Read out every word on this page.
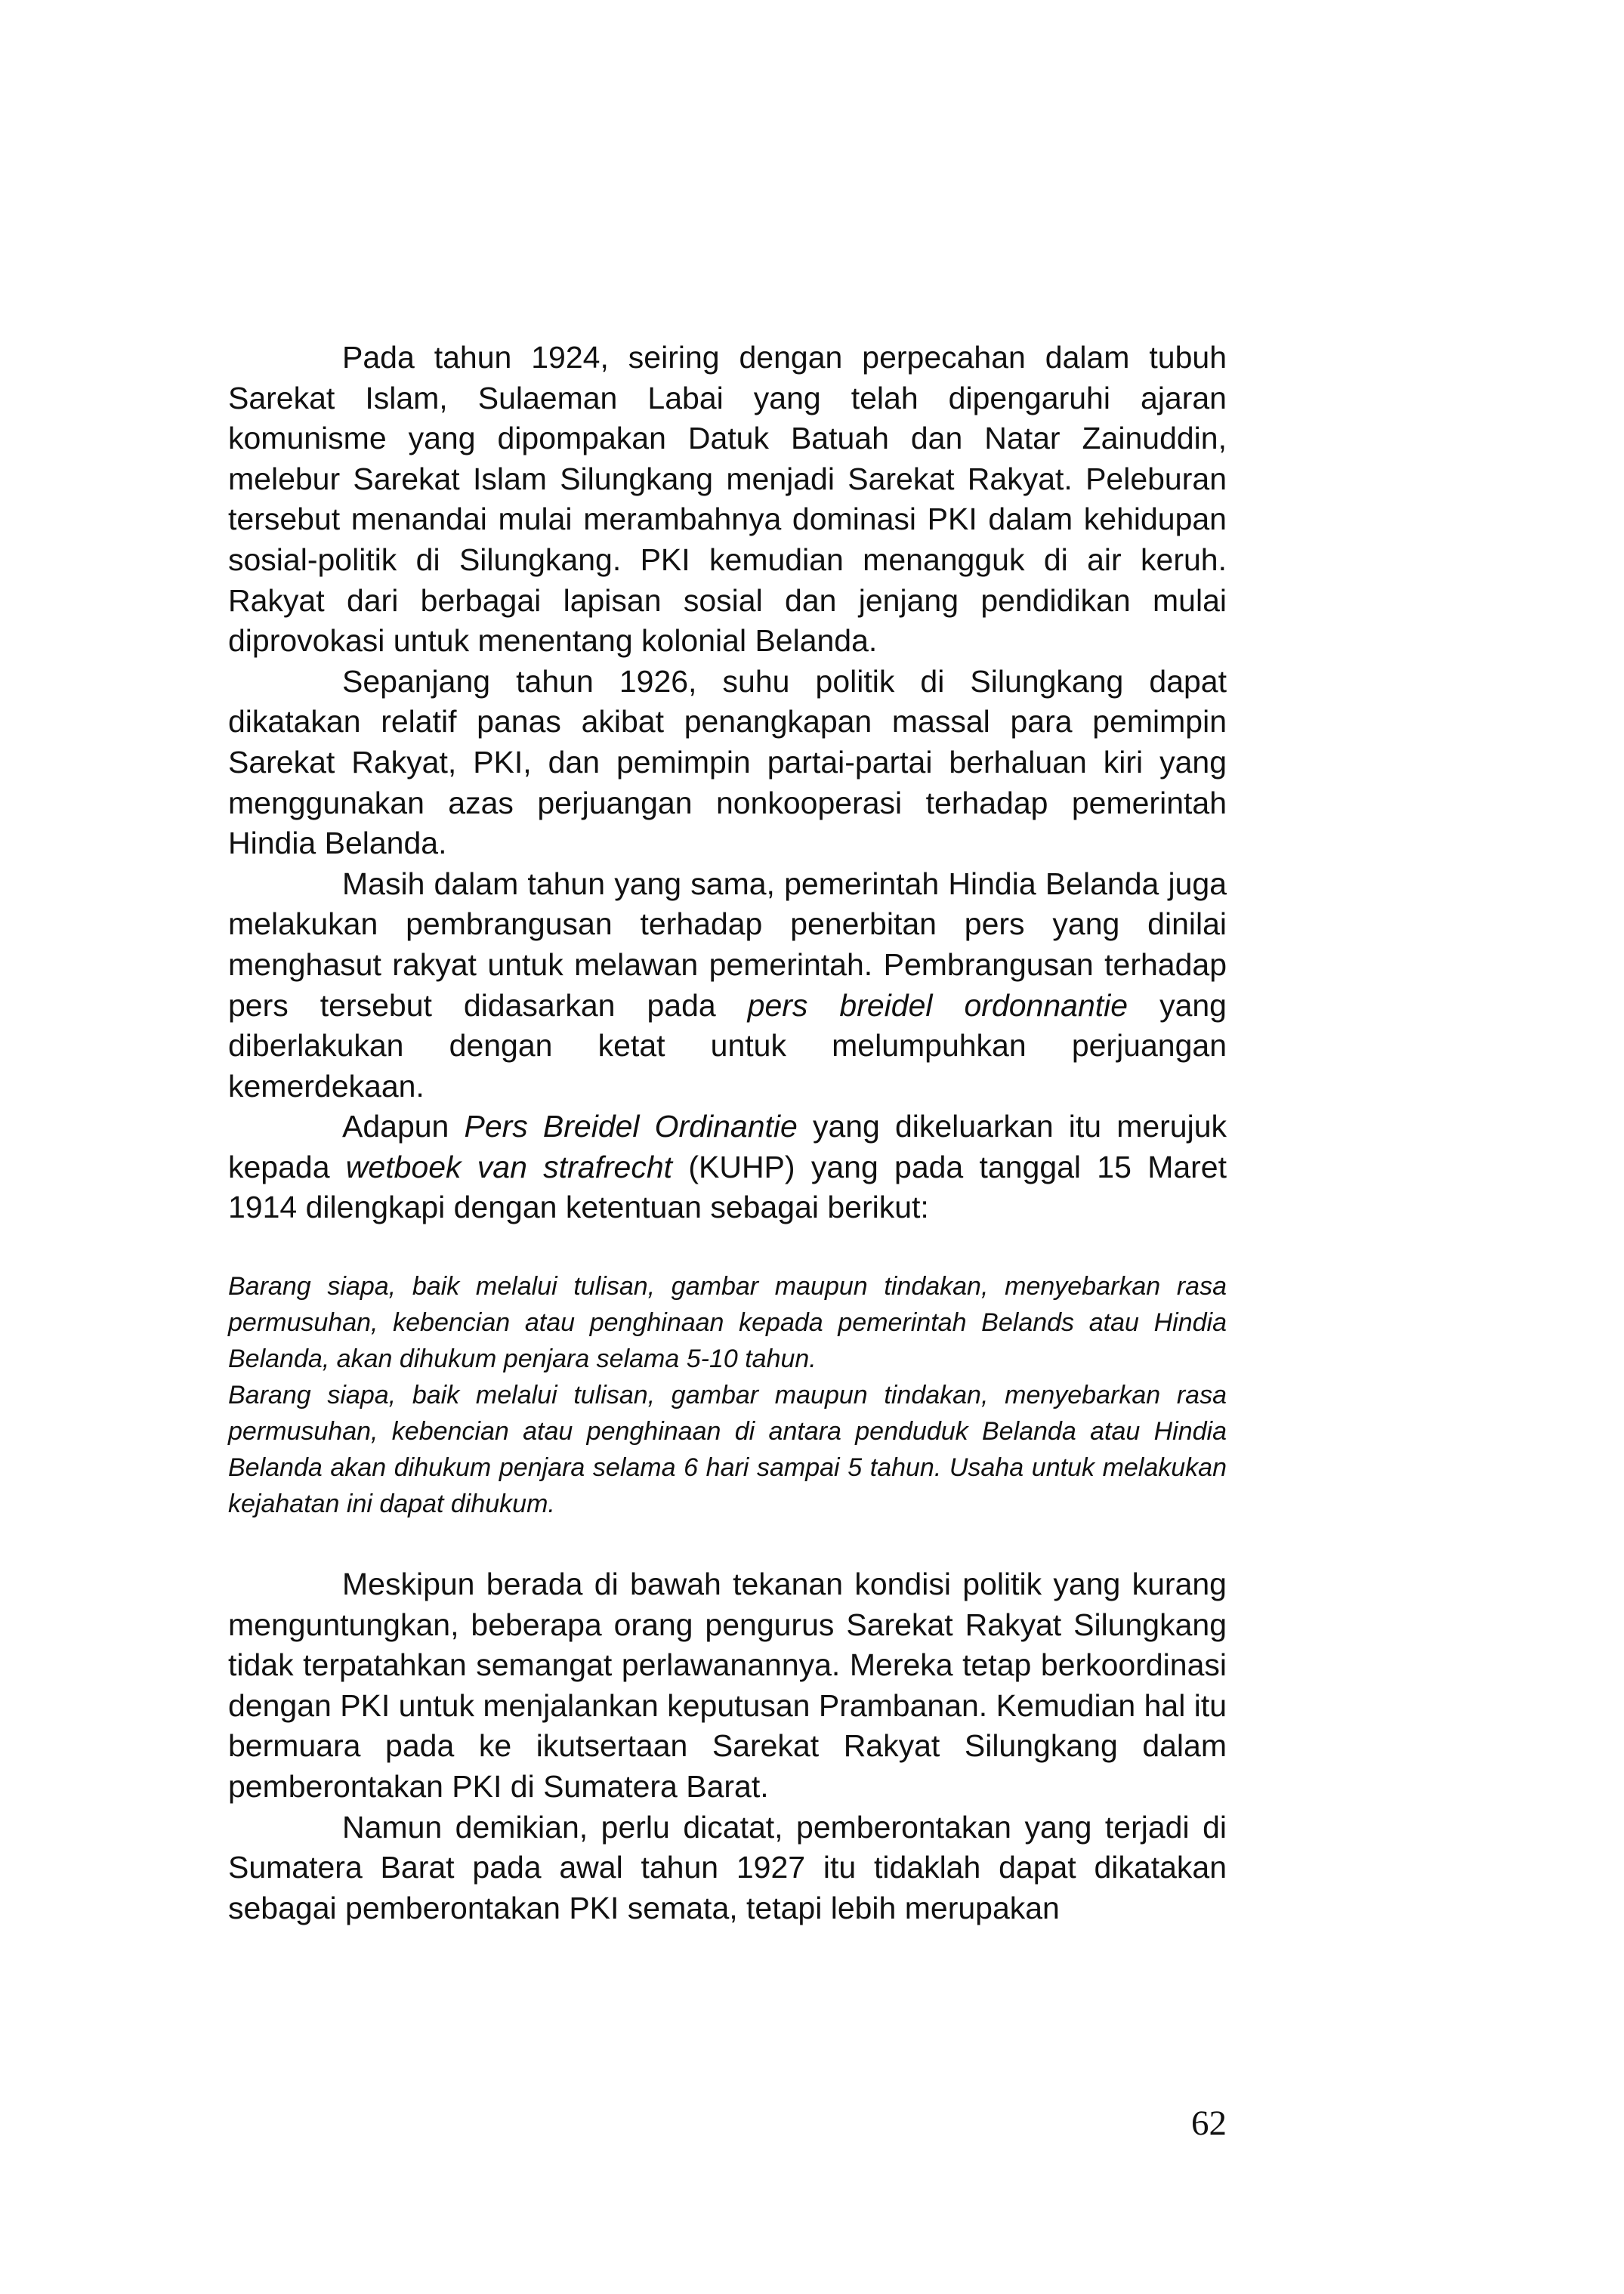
Pada tahun 1924, seiring dengan perpecahan dalam tubuh Sarekat Islam, Sulaeman Labai yang telah dipengaruhi ajaran komunisme yang dipompakan Datuk Batuah dan Natar Zainuddin, melebur Sarekat Islam Silungkang menjadi Sarekat Rakyat. Peleburan tersebut menandai mulai merambahnya dominasi PKI dalam kehidupan sosial-politik di Silungkang. PKI kemudian menangguk di air keruh. Rakyat dari berbagai lapisan sosial dan jenjang pendidikan mulai diprovokasi untuk menentang kolonial Belanda.

Sepanjang tahun 1926, suhu politik di Silungkang dapat dikatakan relatif panas akibat penangkapan massal para pemimpin Sarekat Rakyat, PKI, dan pemimpin partai-partai berhaluan kiri yang menggunakan azas perjuangan nonkooperasi terhadap pemerintah Hindia Belanda.

Masih dalam tahun yang sama, pemerintah Hindia Belanda juga melakukan pembrangusan terhadap penerbitan pers yang dinilai menghasut rakyat untuk melawan pemerintah. Pembrangusan terhadap pers tersebut didasarkan pada pers breidel ordonnantie yang diberlakukan dengan ketat untuk melumpuhkan perjuangan kemerdekaan.

Adapun Pers Breidel Ordinantie yang dikeluarkan itu merujuk kepada wetboek van strafrecht (KUHP) yang pada tanggal 15 Maret 1914 dilengkapi dengan ketentuan sebagai berikut:

Barang siapa, baik melalui tulisan, gambar maupun tindakan, menyebarkan rasa permusuhan, kebencian atau penghinaan kepada pemerintah Belands atau Hindia Belanda, akan dihukum penjara selama 5-10 tahun.

Barang siapa, baik melalui tulisan, gambar maupun tindakan, menyebarkan rasa permusuhan, kebencian atau penghinaan di antara penduduk Belanda atau Hindia Belanda akan dihukum penjara selama 6 hari sampai 5 tahun. Usaha untuk melakukan kejahatan ini dapat dihukum.

Meskipun berada di bawah tekanan kondisi politik yang kurang menguntungkan, beberapa orang pengurus Sarekat Rakyat Silungkang tidak terpatahkan semangat perlawanannya. Mereka tetap berkoordinasi dengan PKI untuk menjalankan keputusan Prambanan. Kemudian hal itu bermuara pada ke ikutsertaan Sarekat Rakyat Silungkang dalam pemberontakan PKI di Sumatera Barat.

Namun demikian, perlu dicatat, pemberontakan yang terjadi di Sumatera Barat pada awal tahun 1927 itu tidaklah dapat dikatakan sebagai pemberontakan PKI semata, tetapi lebih merupakan

62
